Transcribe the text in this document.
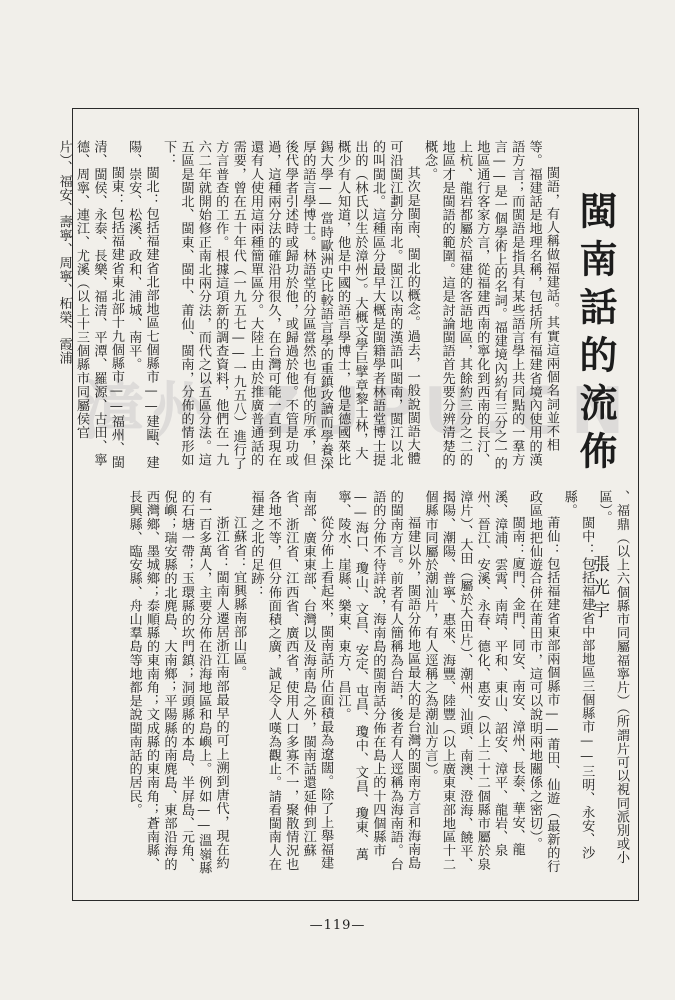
漳州 ZUPU.CN
閩南話的流佈
張光宇

閩語，有人稱做福建話。其實這兩個名詞並不相等。福建話是地理名稱，包括所有福建省境內使用的漢語方言；而閩語是指具有某些語言學上共同點的一羣方言——是一個學術上的名詞。福建境內約有三分之一的地區通行客家方言，從福建西南的寧化到西南的長汀、上杭、龍岩都屬於福建的客語地區，其餘約三分之二的地區才是閩語的範圍。這是討論閩語首先要分辨清楚的概念。

其次是閩南、閩北的概念。過去，一般說閩語大體可沿閩江劃分南北。閩江以南的漢語叫閩南，閩江以北的叫閩北。這種區分最早大概是閩籍學者林語堂博士提出的（林氏以生於漳州）。大概文學巨擘章黎士林，大概少有人知道，他是中國的語言學博士，他是德國萊比錫大學——當時歐洲史比較語言學的重鎮攻讀而學養深厚的語言學博士。林語堂的分區當然也有他的所承，但後代學者引述時或歸功於他，或歸過於他。不管是功或過，這種兩分法的確沿用很久，在台灣可能一直到現在還有人使用這兩種簡單區分。大陸上由於推廣普通話的需要，曾在五十年代（一九五七——一九五八）進行了方言普查的工作。根據這項新的調查資料，他們在一九六二年就開始修正南北兩分法，而代之以五區分法。這五區是閩北、閩東、閩中、莆仙、閩南，分佈的情形如下：

閩北：包括福建省北部地區七個縣市——建甌、建陽、崇安、松溪、政和、浦城、南平。

閩東：包括福建省東北部十九個縣市——福州、閩清、閩侯、永泰、長樂、福清、平潭、羅源、古田、寧德、周寧、連江、尤溪（以上十三個縣市同屬侯官片）、福安、壽寧、周寧、柘榮、霞浦

、福鼎（以上六個縣市同屬福寧片）（所謂片可以視同派別或小區）。

閩中：包括福建省中部地區三個縣市——三明、永安、沙縣。

莆仙：包括福建省東部兩個縣市——莆田、仙遊（最新的行政區地把仙遊合併在莆田市，這可以說明兩地關係之密切）。

閩南：廈門、金門、同安、南安、漳州、長泰、華安、龍溪、漳浦、雲霄、南靖、平和、東山、詔安、漳平、龍岩、泉州、晉江、安溪、永春、德化、惠安（以上二十二個縣市屬於泉漳片）、大田（屬於大田片）、潮州、汕頭、南澳、澄海、饒平、揭陽、潮陽、普寧、惠來、海豐、陸豐（以上廣東東部地區十二個縣市同屬於潮汕片，有人逕稱之為潮汕方言）。

福建以外，閩語分佈地區最大的是台灣的閩南方言和海南島的閩南方言。前者有人簡稱為台語，後者有人逕稱為海南語。台語的分佈不待詳說，海南島的閩南話分佈在島上的十四個縣市——海口、瓊山、文昌、安定、屯昌、瓊中、文昌、瓊東、萬寧、陵水、崖縣、樂東、東方、昌江。

從分佈上看起來，閩南話所佔面積最為遼闊。除了上舉福建南部、廣東東部、台灣以及海南島之外，閩南話還延伸到江蘇省、浙江省、江西省、廣西省，使用人口多寡不一，聚散情況也各地不等，但分佈面積之廣，誠足令人嘆為觀止。請看閩南人在福建之北的足跡：

江蘇省：宜興縣南部山區。

浙江省：閩南人遷居浙江南部最早的可上溯到唐代，現在約有一百多萬人，主要分佈在沿海地區和島嶼上。例如——溫嶺縣的石塘一帶；玉環縣的坎門鎮；洞頭縣的本島、半屏島、元角、倪嶼；瑞安縣的北麂島、大南鄉；平陽縣的南麂島、東部沿海的西灣鄉、墨城鄉；泰順縣的東南角；文成縣的東南角；蒼南縣、長興縣、臨安縣、舟山羣島等地都是說閩南話的居民。

—119—
